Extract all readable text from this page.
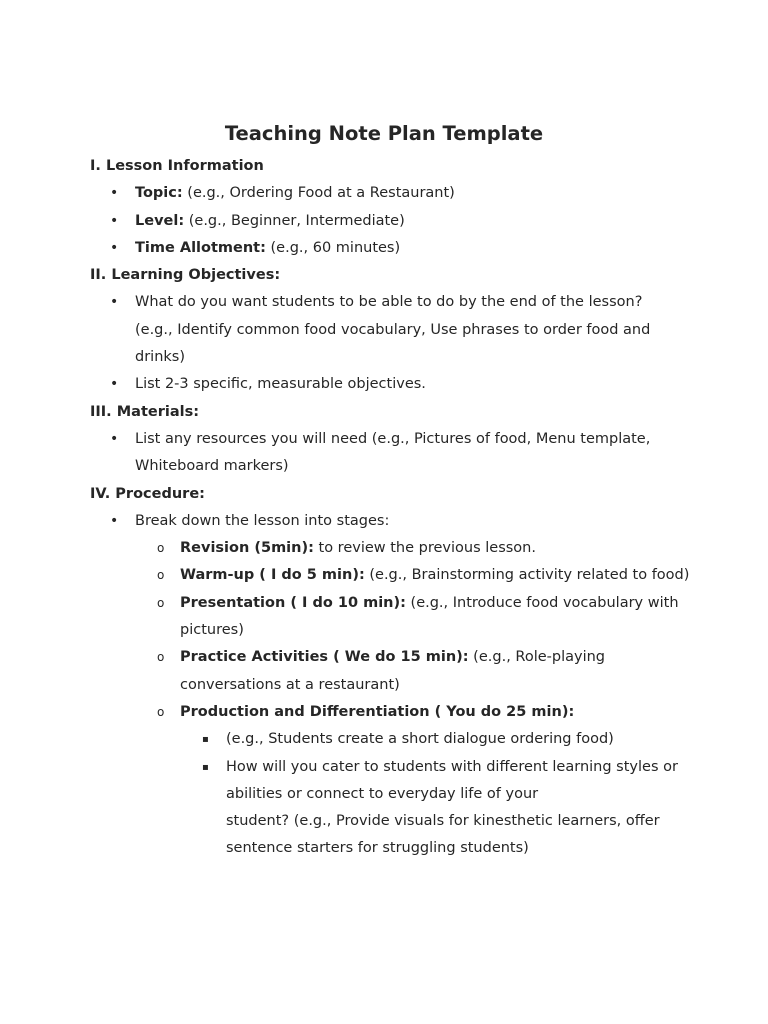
Teaching Note Plan Template

I. Lesson Information

• Topic: (e.g., Ordering Food at a Restaurant)
• Level: (e.g., Beginner, Intermediate)
• Time Allotment: (e.g., 60 minutes)

II. Learning Objectives:

• What do you want students to be able to do by the end of the lesson? (e.g., Identify common food vocabulary, Use phrases to order food and drinks)
• List 2-3 specific, measurable objectives.

III. Materials:

• List any resources you will need (e.g., Pictures of food, Menu template, Whiteboard markers)

IV. Procedure:

• Break down the lesson into stages:
o Revision (5min): to review the previous lesson.
o Warm-up ( I do 5 min): (e.g., Brainstorming activity related to food)
o Presentation ( I do 10 min): (e.g., Introduce food vocabulary with pictures)
o Practice Activities ( We do 15 min): (e.g., Role-playing conversations at a restaurant)
o Production and Differentiation ( You do 25 min):
▪ (e.g., Students create a short dialogue ordering food)
▪ How will you cater to students with different learning styles or abilities or connect to everyday life of your
student? (e.g., Provide visuals for kinesthetic learners, offer sentence starters for struggling students)
